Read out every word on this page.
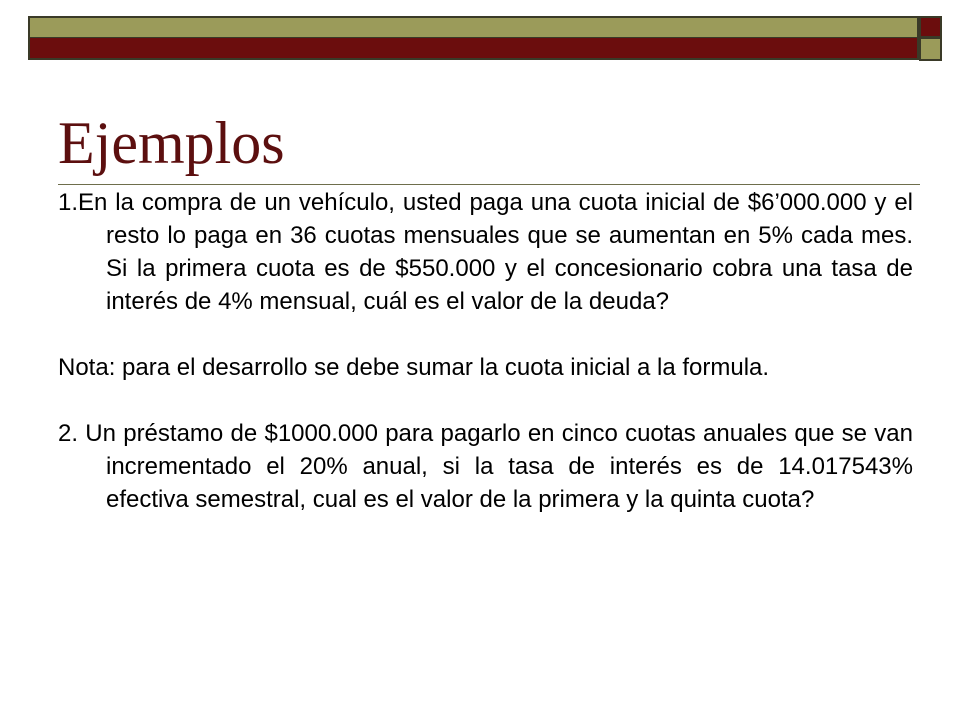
Ejemplos

1.En la compra de un vehículo, usted paga una cuota inicial de $6’000.000 y el resto lo paga en 36 cuotas mensuales que se aumentan en 5% cada mes. Si la primera cuota es de $550.000 y el concesionario cobra una tasa de interés de 4% mensual, cuál es el valor de la deuda?

Nota: para el desarrollo se debe sumar la cuota inicial a la formula.

2. Un préstamo de $1000.000 para pagarlo en cinco cuotas anuales que se van incrementado el 20% anual, si la tasa de interés es de 14.017543% efectiva semestral, cual es el valor de la primera y la quinta cuota?
